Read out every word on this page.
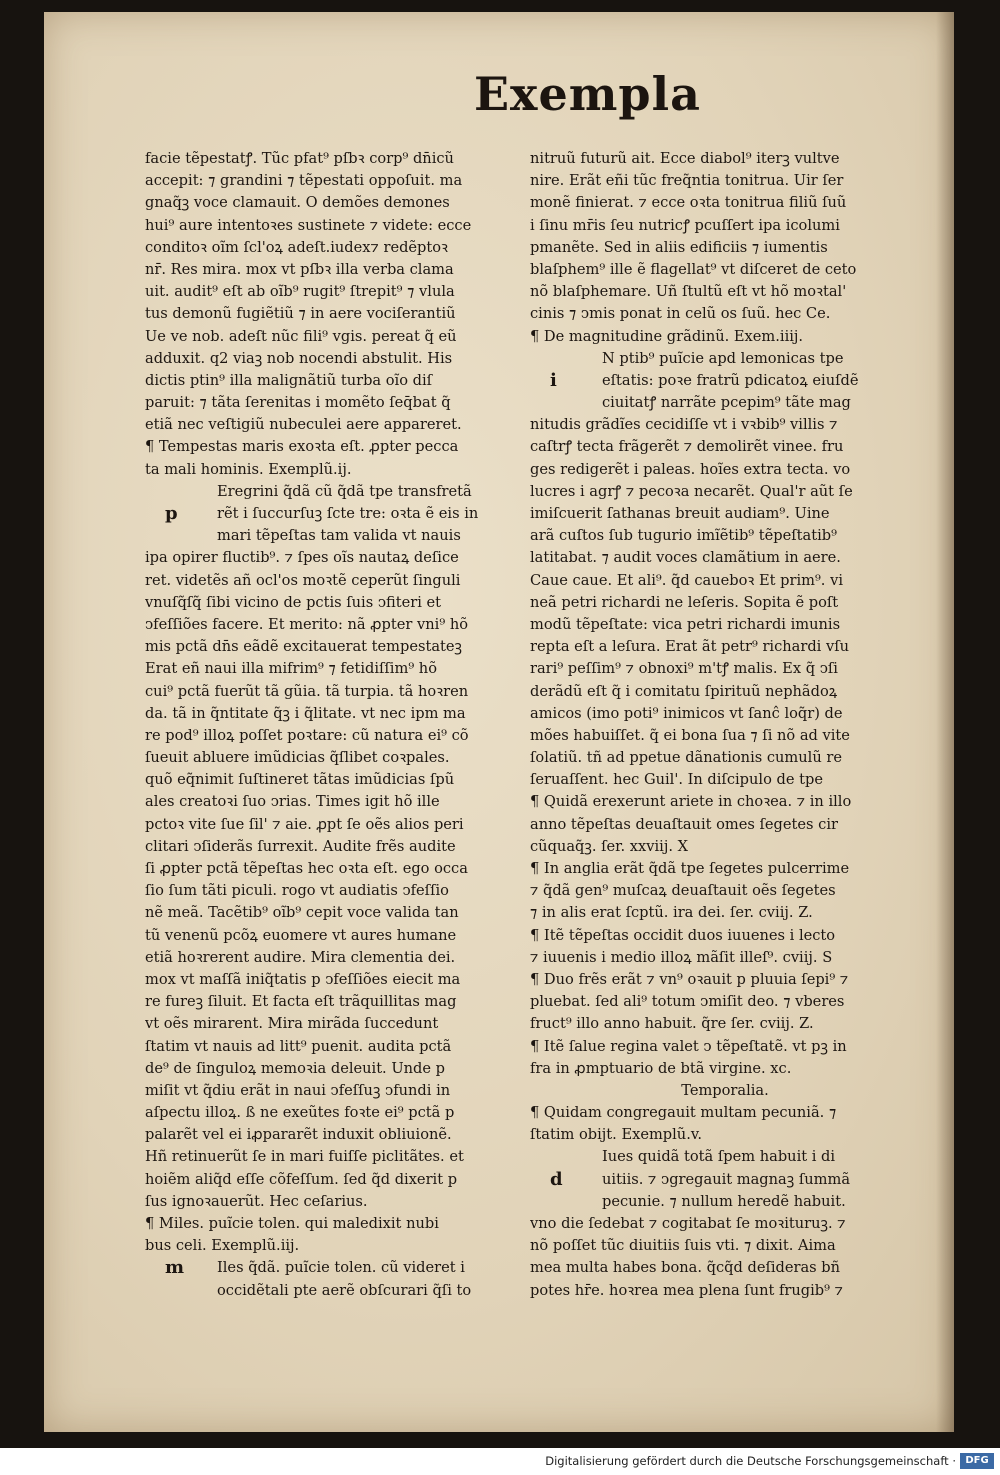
Exempla
facie tẽpestatꝭ. Tũc pfat⁹ pſbꝛ corp⁹ dn̄icũ
accepit: ⁊ grandini ⁊ tẽpestati oppoſuit. ma
gnaq̃ꝫ voce clamauit. O demões demones
hui⁹ aure intentoꝛes sustinete ⁊ videte: ecce
conditoꝛ oĩm ſcl'oꝝ adeſt.iudex⁊ redẽptoꝛ
nr̄. Res mira. mox vt pſbꝛ illa verba clama
uit. audit⁹ eſt ab oĩb⁹ rugit⁹ ſtrepit⁹ ⁊ vlula
tus demonũ fugiẽtiũ ⁊ in aere vociſerantiũ
Ue ve nob. adeſt nũc fili⁹ vgis. pereat q̃ eũ
adduxit. q2 viaꝫ nob nocendi abstulit. His
dictis ptin⁹ illa malignãtiũ turba oĩo diſ
paruit: ⁊ tãta ſerenitas i momẽto ſeq̄bat q̃
etiã nec veſtigiũ nubeculei aere appareret.
¶ Tempestas maris exoꝛta eſt. ꝓpter pecca
ta mali hominis. Exemplũ.ij.
Eregrini q̃dã cũ q̃dã tpe transfretã
p	rẽt i ſuccurſuꝫ ſcte tre: oꝛta ẽ eis in
mari tẽpeſtas tam valida vt nauis
ipa opirer fluctib⁹. ⁊ ſpes oĩs nautaꝝ deſice
ret. videtẽs añ ocl'os moꝛtẽ ceperũt ſinguli
vnuſq̃ſq̃ ſibi vicino de pctis ſuis ↄfiteri et
ↄfeſſiões facere. Et merito: nã ꝓpter vni⁹ hõ
mis pctã dn̄s eãdẽ excitauerat tempestateꝫ
Erat eñ naui illa mifrim⁹ ⁊ fetidiſſim⁹ hõ
cui⁹ pctã fuerũt tã gũia. tã turpia. tã hoꝛren
da. tã in q̃ntitate q̃ꝫ i q̃litate. vt nec ipm ma
re pod⁹ illoꝝ poſſet poꝛtare: cũ natura ei⁹ cõ
ſueuit abluere imũdicias q̃ſlibet coꝛpales.
quõ eq̃nimit ſuſtineret tãtas imũdicias ſpũ
ales creatoꝛi ſuo ↄrias. Times igit hõ ille
pctoꝛ vite ſue ſil' ⁊ aie. ꝓpt ſe oẽs alios peri
clitari ↄſiderãs ſurrexit. Audite frẽs audite
ſi ꝓpter pctã tẽpeſtas hec oꝛta eſt. ego occa
ſio ſum tãti piculi. rogo vt audiatis ↄfeſſio
nẽ meã. Tacẽtib⁹ oĩb⁹ cepit voce valida tan
tũ venenũ pcõꝝ euomere vt aures humane
etiã hoꝛrerent audire. Mira clementia dei.
mox vt maſſã iniq̃tatis p ↄfeſſiões eiecit ma
re fureꝫ ſiluit. Et facta eſt trãquillitas mag
vt oẽs mirarent. Mira mirãda ſuccedunt
ſtatim vt nauis ad litt⁹ puenit. audita pctã
de⁹ de ſinguloꝝ memoꝛia deleuit. Unde p
miſit vt q̃diu erãt in naui ↄfeſſuꝫ ↄfundi in
aſpectu illoꝝ. ß ne exeũtes foꝛte ei⁹ pctã p
palarẽt vel ei iꝓpararẽt induxit obliuionẽ.
Hñ retinuerũt ſe in mari fuiſſe piclitãtes. et
hoiẽm aliq̃d eſſe cõfeſſum. ſed q̃d dixerit p
ſus ignoꝛauerũt. Hec ceſarius.
¶ Miles. puĩcie tolen. qui maledixit nubi
bus celi. Exemplũ.iij.
m Iles q̃dã. puĩcie tolen. cũ videret i
occidẽtali pte aerẽ obſcurari q̃ſi to
nitruũ futurũ ait. Ecce diabol⁹ iterꝫ vultve
nire. Erãt eñi tũc freq̃ntia tonitrua. Uir ſer
monẽ finierat. ⁊ ecce oꝛta tonitrua filiũ ſuũ
i ſinu mr̄is ſeu nutricꝭ pcuſſert ipa icolumi
pmanẽte. Sed in aliis edificiis ⁊ iumentis
blaſphem⁹ ille ẽ flagellat⁹ vt diſceret de ceto
nõ blaſphemare. Uñ ſtultũ eſt vt hõ moꝛtal'
cinis ⁊ ↄmis ponat in celũ os ſuũ. hec Ce.
¶ De magnitudine grãdinũ. Exem.iiij.
N ptib⁹ puĩcie apd lemonicas tpe
i	eſtatis: poꝛe fratrũ pdicatoꝝ eiuſdẽ
ciuitatꝭ narrãte pcepim⁹ tãte mag
nitudis grãdĩes cecidiſſe vt i vꝛbib⁹ villis ⁊
caſtrꝭ tecta frãgerẽt ⁊ demolirẽt vinee. fru
ges redigerẽt i paleas. hoĩes extra tecta. vo
lucres i agrꝭ ⁊ pecoꝛa necarẽt. Qual'r aũt ſe
imiſcuerit ſathanas breuit audiam⁹. Uine
arã cuſtos ſub tugurio imĩẽtib⁹ tẽpeſtatib⁹
latitabat. ⁊ audit voces clamãtium in aere.
Caue caue. Et ali⁹. q̃d caueboꝛ Et prim⁹. vi
neã petri richardi ne leſeris. Sopita ẽ poſt
modũ tẽpeſtate: vica petri richardi imunis
repta eſt a leſura. Erat ãt petr⁹ richardi vſu
rari⁹ peſſim⁹ ⁊ obnoxi⁹ m'tꝭ malis. Ex q̃ ↄſi
derãdũ eſt q̃ i comitatu ſpirituũ nephãdoꝝ
amicos (imo poti⁹ inimicos vt ſanĉ loq̃r) de
mões habuiſſet. q̃ ei bona ſua ⁊ ſi nõ ad vite
ſolatiũ. tñ ad ppetue dãnationis cumulũ re
ſeruaſſent. hec Guil'. In diſcipulo de tpe
¶ Quidã erexerunt ariete in choꝛea. ⁊ in illo
anno tẽpeſtas deuaſtauit omes ſegetes cir
cũquaq̃ꝫ. ſer. xxviij. X
¶ In anglia erãt q̃dã tpe ſegetes pulcerrime
⁊ q̃dã gen⁹ muſcaꝝ deuaſtauit oẽs ſegetes
⁊ in alis erat ſcptũ. ira dei. ſer. cviij. Z.
¶ Itẽ tẽpeſtas occidit duos iuuenes i lecto
⁊ iuuenis i medio illoꝝ mãſit illeſ⁹. cviij. S
¶ Duo frẽs erãt ⁊ vn⁹ oꝛauit p pluuia ſepi⁹ ⁊
pluebat. ſed ali⁹ totum ↄmiſit deo. ⁊ vberes
fruct⁹ illo anno habuit. q̃re ſer. cviij. Z.
¶ Itẽ ſalue regina valet ↄ tẽpeſtatẽ. vt pꝫ in
fra in ꝓmptuario de btã virgine. xc.
Temporalia.
¶ Quidam congregauit multam pecuniã. ⁊
ſtatim obijt. Exemplũ.v.
Iues quidã totã ſpem habuit i di
d	uitiis. ⁊ ↄgregauit magnaꝫ ſummã
pecunie. ⁊ nullum heredẽ habuit.
vno die ſedebat ⁊ cogitabat ſe moꝛituruꝫ. ⁊
nõ poſſet tũc diuitiis ſuis vti. ⁊ dixit. Aima
mea multa habes bona. q̃cq̃d deſideras bñ
potes hr̄e. hoꝛrea mea plena ſunt frugib⁹ ⁊
Digitalisierung gefördert durch die Deutsche Forschungsgemeinschaft · DFG
